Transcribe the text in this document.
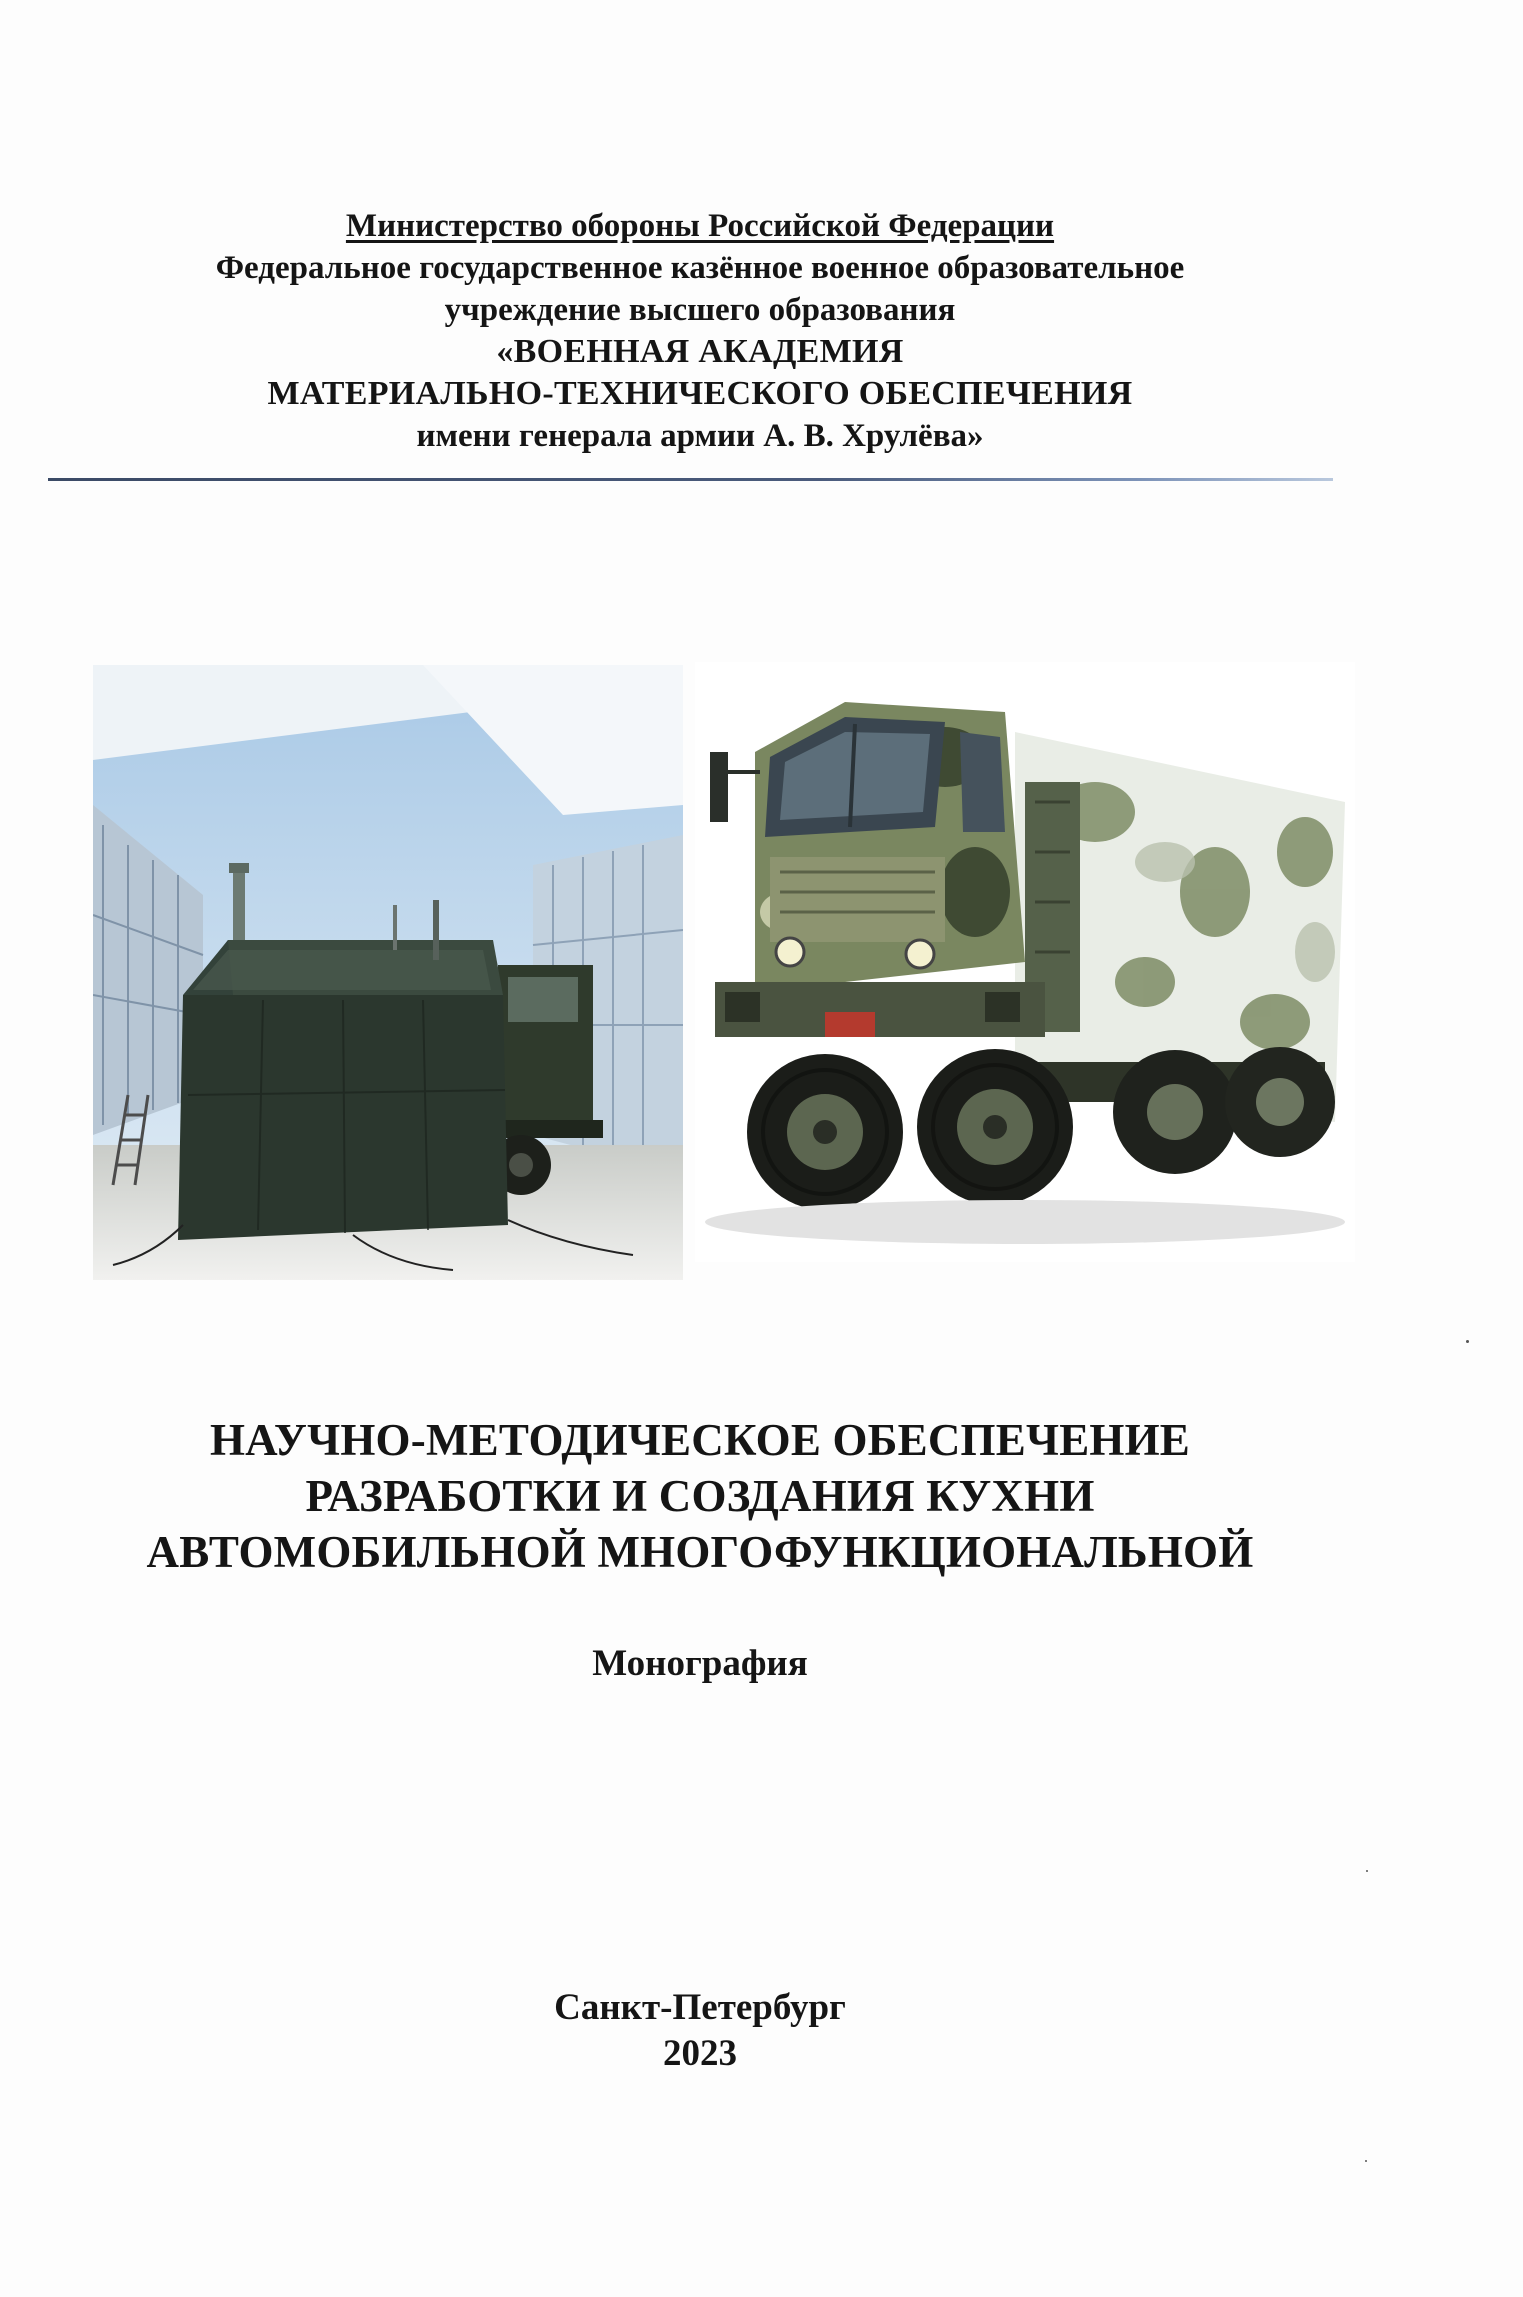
Министерство обороны Российской Федерации
Федеральное государственное казённое военное образовательное
учреждение высшего образования
«ВОЕННАЯ АКАДЕМИЯ
МАТЕРИАЛЬНО-ТЕХНИЧЕСКОГО ОБЕСПЕЧЕНИЯ
имени генерала армии А. В. Хрулёва»
НАУЧНО-МЕТОДИЧЕСКОЕ ОБЕСПЕЧЕНИЕ
РАЗРАБОТКИ И СОЗДАНИЯ КУХНИ
АВТОМОБИЛЬНОЙ МНОГОФУНКЦИОНАЛЬНОЙ
Монография
Санкт-Петербург
2023
